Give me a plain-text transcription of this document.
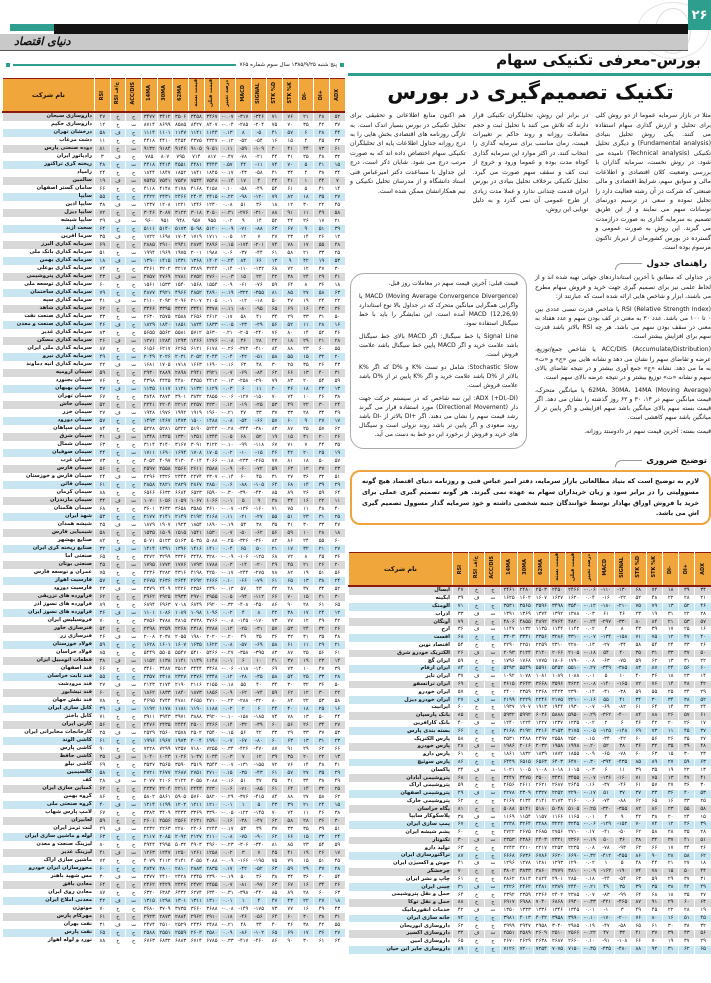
۲۶
دنیای اقتصاد
بورس-معرفی تکنیکی سهام
پنج شنبه ۱۳۸۵/۹/۲۵ سال سوم شماره ۷۶۵
تکنیک تصمیم‌گیری در بورس
مثلا در بازار سرمایه عموما از دو روش کلی برای تحلیل و ارزش گذاری سهام استفاده می کنند. یکی روش تحلیل بنیادی (Fundamental analysis) و دیگری تحلیل تکنیکی (Technical analysis) نامیده می شود. در روش نخست، سرمایه گذاران با بررسی وضعیت کلان اقتصادی و اطلاعات مالی و سوابق سهم، شرایط اقتصادی و مالی صنعتی که شرکت در آن رشته فعالیت دارد را تحلیل نموده و سعی در ترسیم دورنمای نوسانات سهم می نمایند و از این طریق تصمیم به سرمایه گذاری به صورت درازمدت می گیرند. این روش به صورت عمومی و گسترده در بورس کشورمان از دیرباز تاکنون مرسوم بوده است.
در برابر این روش، تحلیلگران تکنیکی قرار دارند که تلاش می کنند با تحلیل ثبت و حجم معاملات روزانه و روند حاکم بر تغییرات قیمت، زمان مناسب برای سرمایه گذاری را انتخاب کنند. در اکثر موارد این سرمایه گذاری کوتاه مدت بوده و عموما ورود و خروج از ثبت کف و سقف سهم صورت می گیرد. تحلیل تکنیکی برخلاف تحلیل بنیادی در بورس ایران قدمت چندانی ندارد و عملا مدت زیادی از طرح عمومی آن نمی گذرد و به دلیل نوپایی این روش،
هم اکنون منابع اطلاعاتی و تحقیقی برای تحلیل تکنیکی در بورس بسیار اندک است. به تازگی روزنامه های اقتصادی بخش هایی را به درج روزانه جداول اطلاعات پایه ای تحلیلگران تکنیکی سهام اختصاص داده اند که به صورت مرتب درج می شود. شایان ذکر است، درج این جداول با مساعدت دکتر امیرعباس فنی استاد دانشگاه و از مدرسان تحلیل تکنیکی و تیم همکارانشان ممکن شده است.
راهنمای جدول

در جداولی که مطابق با آخرین استانداردهای جهانی تهیه شده اند و از لحاظ علمی نیز برای تصمیم گیری جهت خرید و فروش سهام مطرح می باشند، ابزار و شاخص هایی ارائه شده است که عبارتند از:

RSI (Relative Strength Index) یا شاخص قدرت نسبی عددی بین ۰ تا ۱۰۰ می باشد. عدد ۳۰ به معنی در کف بودن سهم و عدد هفتاد به معنی در سقف بودن سهم می باشد. هر چه RSI بالاتر باشد قدرت سهم برای افزایش بیشتر است.

ACC/DIS (Accumulate/Distribution) یا شاخص جمع/توزیع، عرضه و تقاضای سهم را نشان می دهد و نشانه هایی بین «ج» و «ت» به ما می دهد. نشانه «ج» جمع آوری بیشتر و در نتیجه تقاضای بالای سهم و نشانه «ت» توزیع بیشتر و در نتیجه عرضه بالای سهم است.

62MA، 30MA، 14MA (Moving Average) یا میانگین متحرک، قیمت میانگین سهم در ۱۴، ۳۰ و ۶۲ روز گذشته را نشان می دهد. اگر قیمت بسته سهم بالای میانگین باشد سهم افزایشی و اگر پایین تر از میانگین باشد سهم کاهشی است.

قیمت بسته: آخرین قیمت سهم در دادوستد روزانه.

قیمت قبلی: آخرین قیمت سهم در معاملات روز قبل.

MACD (Moving Average Convergence Divergence) یا واگرایی همگرایی میانگین متحرک که در جداول بالا نوع استاندارد (12,26,9) MACD آمده است. این نمایشگر را باید با خط سیگنال استفاده نمود.

Signal Line یا خط سیگنال: اگر MACD بالای خط سیگنال باشد علامت خرید و اگر MACD پایین خط سیگنال باشد علامت فروش است.

Stochastic Slow: شامل دو تست %K و %D که اگر %K بالاتر از %D باشد علامت خرید و اگر %K پایین تر از %D باشد علامت فروش است.

ADX (+DI,-DI): این سه شاخص که در سیستم حرکت جهت دار (Directional Movement) مورد استفاده قرار می گیرند رشد قیمت سهم را نشان می دهند. اگر +DI بالاتر از -DI باشد روند صعودی و اگر پایین تر باشد روند نزولی است و سیگنال های خرید و فروش از برخورد این دو خط به دست می آید.

توضیح ضروری
لازم به توضیح است که بنیاد مطالعاتی بازار سرمایه، دفتر امیر عباس فنی و روزنامه دنیای اقتصاد هیچ گونه مسوولیتی را در برابر سود و زیان خریداران سهام به عهده نمی گیرند. هر گونه تصمیم گیری عملی برای خرید یا فروش اوراق بهادار توسط خوانندگان جنبه شخصی داشته و خود سرمایه گذار مسوول تصمیم گیری اش می باشد.
ADX	+DI	-DI	STK %K	STK %D	SIGNAL	MACD	درصد تغییر	قیمت قبلی	قیمت بسته	62MA	30MA	14MA	ACC/DIS	خ/ف RSI	RSI	نام شرکت
۵۲	۴۸	۲۱	۷۶	۷۱	-۳۴۶	-۳۱۷	-۰.۰۷	۳۴۶۷	۳۴۵۸	۳۵۰۶	۳۴۱۲	۳۴۷۷	ج	خ	۴۷	داروسازی سبحان
۳۷	۴۲	۳۵	۷۰	۷۵	-۲۰۴	-۲۸۵	-۰.۰۴	۸۴۰۷	۸۴۲۷	۸۵۸۵	۸۶۹۹	۸۷۱۴	ت	خ	۱۲	داروسازی حکیم
۴۴	۲۸	۶	۵۷	۴۱	-۵	۸	۰.۱۳	۱۱۴۴	۱۱۴۱	۱۱۴۷	۱۱۰۱	۱۱۱۴	ج	ف	۵۸	درخشان تهران
۳۳	۴۵	۴	۱۵	۱۶	-۵۴	-۵۲	-۰.۱۲	۴۳۴۷	۴۳۷۵	۴۴۵۴	۴۴۱۰	۴۴۱۸	ج	خ	۱۱	دشت مرغاب
۶۱	۷۳	۴۴	۴۱	۴۰	-۱۰۹	-۵۹	۰.۱۱	۹۰۵۱	۹۱۰۵	۹۱۴۶	۹۱۸۴	۹۱۳۲	ت	خ	۸۱	دوده صنعتی پارس
۳۲	۴۸	۲۵	۳۱	۴۴	-۲۱	-۷۸	-۰.۴۷	۸۱۷	۷۱۴	۷۹۵	۸۰۷	۷۸۵	ج	ف	۳	رادیاتور ایران
۱۵	۴۱	۵	۷۰	۷۴	-۱۱	۴۴	۰.۵۷	۴۴۴۴	۴۴۸۱	۴۵۵۱	۴۴۱۴	۴۴۱۸	ت	خ	۴۸	ریخته گری تراکتور
۳۴	۳۸	۴	۳۴	۴۱	-۵۸	-۴۳	-۰.۱۷	۱۸۴۵	۱۸۴۱	۱۸۵۲	۱۸۴۷	۱۸۴۴	ج	خ	۲۴	زامیاد
۷	۴۴	۱	۴۱	۴۴	۴	۱۷	-۰.۱۴	۷۵۴۸	۷۵۴۴	۷۵۴۷	۷۵۴۱	۷۵۴۵	ت	ف	۱۹	سالمین
۱۴	۴۱	۵	۶۱	۵۴	-۴۹	-۵۸	۰.۱۰	۴۱۵۸	۴۱۶۸	۴۱۷۸	۴۱۴۸	۴۱۱۸	ج	خ	۶۶	سامان گستر اصفهان
۲۷	۳۵	۱۸	۸۲	۷۹	-۱۲۰	-۹۸	-۰.۲۲	۲۴۱۵	۲۴۰۳	۲۴۶۶	۲۴۳۱	۲۴۲۲	ج	خ	۵۵	سایپا
۴۵	۲۲	۳۰	۱۲	۱۸	۳۶	۵۱	۰.۰۸	۱۲۳۰	۱۲۴۶	۱۲۲۱	۱۲۰۸	۱۲۳۷	ت	ف	۳۸	سایپا آذین
۵۸	۴۹	۱۱	۹۱	۸۸	-۳۱۰	-۲۷۶	-۰.۳۱	۳۰۵۰	۳۰۱۸	۳۱۲۲	۳۰۸۷	۳۰۴۶	ج	خ	۷۲	سایپا دیزل
۲۱	۱۷	۲۶	۴۴	۵۲	۱۴	۹	۰.۰۲	۹۵۵	۹۵۷	۹۴۸	۹۵۱	۹۶۰	ت	ف	۲۹	سایپا شیشه
۳۹	۵۱	۹	۶۷	۶۳	-۸۸	-۷۱	-۰.۰۹	۵۱۲۰	۵۰۹۸	۵۱۷۳	۵۱۴۰	۵۱۱۱	ج	خ	۶۴	سخت آژند
۱۲	۲۶	۱۴	۲۳	۲۷	۷	۱۲	۰.۰۵	۱۷۱۱	۱۷۱۹	۱۷۰۴	۱۶۹۸	۱۷۲۲	ج	ف	۳۵	سرما آفرین
۴۸	۵۵	۱۷	۷۸	۷۴	-۲۰۱	-۱۷۴	-۰.۱۵	۲۸۹۶	۲۸۷۴	۲۹۴۱	۲۹۱۰	۲۸۸۵	ج	خ	۶۹	سرمایه گذاری البرز
۲۵	۳۳	۲۱	۵۸	۶۱	-۴۴	-۳۷	۰.۰۶	۱۹۸۸	۲۰۰۱	۱۹۷۵	۱۹۶۹	۱۹۹۴	ت	خ	۵۱	سرمایه گذاری بانک ملی
۵۳	۱۹	۴۲	۹	۱۳	۶۶	۸۴	-۰.۲۴	۱۴۰۲	۱۳۶۸	۱۴۳۱	۱۴۱۵	۱۳۹۰	ت	ف	۱۸	سرمایه گذاری بهمن
۳۰	۴۷	۱۲	۷۲	۶۸	-۱۳۲	-۱۱۰	۰.۱۴	۳۲۴۴	۳۲۸۹	۳۲۱۷	۳۲۰۲	۳۲۶۱	ج	خ	۷۴	سرمایه گذاری بوعلی
۴۱	۲۹	۲۴	۳۸	۴۲	۲۲	۱۵	-۰.۰۳	۲۷۶۰	۲۷۵۲	۲۷۸۱	۲۷۶۹	۲۷۵۷	ت	ف	۴۳	سرمایه گذاری پتروشیمی
۱۸	۳۶	۸	۶۴	۵۹	-۷۶	-۶۱	۰.۰۹	۱۵۵۴	۱۵۶۸	۱۵۴۰	۱۵۳۳	۱۵۶۱	ج	خ	۶۰	سرمایه گذاری توسعه ملی
۶۳	۵۸	۲۷	۸۵	۸۱	-۳۵۵	-۳۲۲	-۰.۱۹	۴۸۹۰	۴۸۵۲	۴۹۶۶	۴۹۲۱	۴۸۷۷	ج	خ	۷۹	سرمایه گذاری ساختمان
۲۲	۲۴	۱۹	۴۷	۵۰	-۱۸	-۱۲	۰.۰۱	۲۱۰۵	۲۱۰۷	۲۰۹۶	۲۰۹۲	۲۱۱۰	ت	ف	۴۱	سرمایه گذاری سپه
۳۶	۴۳	۱۶	۶۹	۶۵	-۹۵	-۸۰	-۰.۱۱	۳۳۷۸	۳۳۴۱	۳۴۲۲	۳۳۹۵	۳۳۶۶	ج	خ	۶۲	سرمایه گذاری شاهد
۵۰	۳۱	۳۳	۲۹	۳۴	۴۱	۵۸	۰.۱۷	۲۶۱۲	۲۶۵۶	۲۵۸۸	۲۵۷۵	۲۶۳۰	ت	خ	۳۳	سرمایه گذاری صنعت نفت
۱۶	۲۸	۱۱	۵۲	۵۶	-۲۹	-۲۳	-۰.۰۵	۱۸۳۳	۱۸۲۴	۱۸۵۱	۱۸۴۰	۱۸۲۹	ج	ف	۴۶	سرمایه گذاری صنعت و معدن
۴۶	۵۲	۱۴	۸۰	۷۶	-۲۴۰	-۲۰۵	۰.۲۱	۵۶۳۰	۵۷۱۲	۵۵۸۱	۵۵۶۲	۵۶۵۵	ج	خ	۸۳	سرمایه گذاری غدیر
۲۸	۲۱	۲۹	۱۸	۲۲	۲۸	۳۶	-۰.۰۸	۱۲۷۶	۱۲۶۶	۱۲۹۳	۱۲۸۴	۱۲۷۱	ت	ف	۲۶	سرمایه گذاری مسکن
۵۵	۶۰	۲۳	۸۸	۸۴	-۴۱۰	-۳۷۲	-۰.۲۶	۶۱۷۸	۶۱۲۱	۶۲۶۵	۶۲۱۷	۶۱۵۶	ج	خ	۸۷	سرمایه گذاری ملی ایران
۲۰	۳۲	۱۵	۵۵	۵۸	-۵۱	-۴۲	۰.۰۴	۲۰۴۴	۲۰۵۲	۲۰۳۱	۲۰۲۶	۲۰۴۹	ت	خ	۴۹	سرمایه گذاری نیرو
۴۳	۲۶	۳۵	۲۵	۳۰	۴۸	۶۳	-۰.۱۶	۱۶۹۰	۱۶۶۳	۱۷۱۸	۱۷۰۵	۱۶۸۱	ت	ف	۲۲	سرمایه گذاری آتیه دماوند
۳۱	۴۰	۱۳	۶۶	۶۲	-۸۴	-۶۹	۰.۰۷	۲۹۲۱	۲۹۴۱	۲۸۹۸	۲۸۸۹	۲۹۳۰	ج	خ	۵۹	سیمان ارومیه
۵۹	۵۴	۲۰	۸۳	۷۹	-۲۹۰	-۲۵۸	-۰.۱۳	۴۴۱۲	۴۳۵۵	۴۴۸۰	۴۴۴۵	۴۳۹۸	ج	خ	۷۶	سیمان بجنورد
۱۳	۲۳	۱۸	۳۶	۴۰	۱۱	۶	۰.۰۳	۱۱۲۹	۱۱۳۲	۱۱۲۱	۱۱۱۷	۱۱۳۵	ت	ف	۳۷	سیمان بهبهان
۳۸	۴۶	۱۰	۷۴	۷۰	-۱۵۰	-۱۲۷	-۰.۰۶	۳۸۵۵	۳۸۳۲	۳۹۰۱	۳۸۷۴	۳۸۴۸	ج	خ	۶۷	سیمان تهران
۲۴	۳۰	۲۲	۴۹	۵۳	-۲۵	-۱۹	۰.۱۲	۲۲۳۰	۲۲۵۷	۲۲۱۲	۲۲۰۴	۲۲۴۱	ج	خ	۵۲	سیمان خاش
۴۹	۳۴	۲۸	۳۳	۳۷	۳۳	۴۷	-۰.۲۱	۱۹۶۰	۱۹۱۹	۱۹۹۲	۱۹۷۶	۱۹۴۸	ت	ف	۲۷	سیمان خزر
۱۷	۲۷	۹	۶۰	۵۷	-۶۶	-۵۴	۰.۰۸	۱۴۸۸	۱۵۰۰	۱۴۷۳	۱۴۶۷	۱۴۹۳	ج	خ	۵۷	سیمان دورود
۶۲	۵۷	۲۵	۸۷	۸۳	-۳۸۰	-۳۴۴	-۰.۲۸	۵۲۴۴	۵۱۹۰	۵۳۲۲	۵۲۸۱	۵۲۲۸	ج	خ	۸۴	سیمان سپاهان
۲۶	۲۰	۳۱	۱۵	۱۹	۵۲	۶۸	۰.۰۵	۱۳۴۴	۱۳۵۱	۱۳۳۰	۱۳۲۵	۱۳۴۸	ت	ف	۳۱	سیمان شرق
۳۵	۴۴	۷	۷۱	۶۷	-۱۱۸	-۹۹	-۰.۱۰	۳۱۲۲	۳۰۹۱	۳۱۶۷	۳۱۴۰	۳۱۱۴	ج	خ	۶۳	سیمان شمال
۱۹	۲۵	۲۰	۴۲	۴۶	-۱۵	-۱۰	۰.۰۲	۱۷۰۵	۱۷۰۸	۱۶۹۴	۱۶۹۰	۱۷۱۱	ت	خ	۴۴	سیمان صوفیان
۵۷	۵۰	۱۸	۸۱	۷۷	-۲۶۵	-۲۳۳	-۰.۱۸	۴۰۶۶	۴۰۱۴	۴۱۳۰	۴۰۹۷	۴۰۵۲	ج	خ	۷۳	سیمان غرب
۲۳	۳۷	۱۲	۶۳	۵۹	-۷۲	-۶۰	۰.۰۹	۲۵۸۸	۲۶۱۱	۲۵۶۶	۲۵۵۸	۲۵۹۷	ج	خ	۵۶	سیمان فارس
۵۱	۳۲	۳۶	۲۷	۳۱	۴۵	۶۰	-۰.۱۴	۲۳۰۷	۲۲۷۴	۲۳۴۳	۲۳۲۶	۲۲۹۶	ت	ف	۲۴	سیمان فارس و خوزستان
۲۹	۳۹	۱۴	۶۸	۶۴	-۱۰۵	-۸۸	۰.۰۶	۲۸۵۰	۲۸۶۷	۲۸۲۹	۲۸۲۱	۲۸۵۸	ج	خ	۶۱	سیمان قائن
۶۴	۵۹	۲۶	۸۹	۸۵	-۴۳۰	-۳۹۰	-۰.۳۰	۶۵۹۰	۶۵۲۳	۶۶۸۴	۶۶۳۲	۶۵۶۶	ج	خ	۸۸	سیمان کرمان
۱۱	۲۲	۱۶	۳۴	۳۸	۹	۵	۰.۰۱	۱۰۶۶	۱۰۶۷	۱۰۵۹	۱۰۵۶	۱۰۷۰	ت	ف	۳۴	سیمان مازندران
۴۰	۴۸	۱۱	۷۵	۷۱	-۱۶۰	-۱۳۶	-۰.۰۷	۳۶۱۰	۳۵۸۵	۳۶۵۸	۳۶۳۲	۳۶۰۱	ج	خ	۶۸	سیمان هگمتان
۲۵	۳۱	۲۳	۵۱	۵۵	-۲۷	-۲۱	۰.۱۱	۲۱۶۸	۲۱۹۲	۲۱۴۹	۲۱۴۱	۲۱۷۷	ج	خ	۵۳	شهد ایران
۴۷	۳۳	۳۰	۳۱	۳۵	۳۸	۵۳	-۰.۱۹	۱۸۹۰	۱۸۵۴	۱۹۲۳	۱۹۰۷	۱۸۷۹	ت	ف	۲۵	شیشه همدان
۱۸	۲۸	۱۰	۵۹	۵۶	-۶۲	-۵۰	۰.۰۷	۱۵۳۰	۱۵۴۱	۱۵۱۵	۱۵۰۹	۱۵۳۵	ج	خ	۵۸	شیمیایی فارس
۶۰	۵۵	۲۴	۸۶	۸۲	-۳۶۰	-۳۲۶	-۰.۲۵	۵۰۸۸	۵۰۳۵	۵۱۶۳	۵۱۲۳	۵۰۷۱	ج	خ	۸۲	صنایع بهشهر
۲۷	۲۱	۳۲	۱۷	۲۱	۵۰	۶۵	۰.۰۴	۱۴۱۰	۱۴۱۶	۱۳۹۶	۱۳۹۱	۱۴۱۴	ت	ف	۳۲	صنایع ریخته گری ایران
۳۶	۴۵	۸	۷۲	۶۸	-۱۲۵	-۱۰۶	-۰.۰۹	۳۲۸۰	۳۲۴۸	۳۳۲۶	۳۲۹۹	۳۲۷۲	ج	خ	۶۵	صنعتی آما
۲۰	۲۶	۲۱	۴۵	۴۹	-۲۰	-۱۴	۰.۰۳	۱۷۸۸	۱۷۹۳	۱۷۷۶	۱۷۷۲	۱۷۹۵	ت	خ	۴۵	صنعتی بوتان
۵۶	۵۱	۱۹	۸۲	۷۸	-۲۷۵	-۲۴۴	-۰.۱۷	۴۲۵۰	۴۱۹۸	۴۳۱۶	۴۲۸۲	۴۲۳۶	ج	خ	۷۵	عمران و توسعه فارس
۲۴	۳۸	۱۳	۶۵	۶۱	-۷۹	-۶۶	۰.۱۰	۲۶۶۶	۲۶۹۲	۲۶۴۴	۲۶۳۶	۲۶۷۵	ج	خ	۵۷	فارسیت اهواز
۵۲	۳۴	۳۷	۲۸	۳۲	۴۳	۵۷	-۰.۱۳	۲۳۹۰	۲۳۵۶	۲۴۲۶	۲۴۰۹	۲۳۷۹	ت	ف	۲۳	فارسیت دورود
۳۰	۴۱	۱۵	۷۰	۶۶	-۱۱۲	-۹۴	۰.۰۵	۲۹۵۵	۲۹۷۰	۲۹۳۳	۲۹۲۵	۲۹۶۲	ج	خ	۶۲	فرآورده های تزریقی
۶۵	۶۱	۲۸	۹۰	۸۶	-۴۵۰	-۴۰۸	-۰.۳۲	۶۹۲۰	۶۸۴۹	۷۰۱۸	۶۹۶۳	۶۸۹۴	ج	خ	۸۹	فرآورده های نسوز آذر
۱۲	۲۴	۱۷	۳۸	۴۲	۸	۴	۰.۰۲	۱۰۹۶	۱۰۹۸	۱۰۸۹	۱۰۸۶	۱۱۰۱	ت	ف	۳۶	فرآورده های نسوز ایران
۴۲	۴۹	۱۲	۷۷	۷۳	-۱۷۰	-۱۴۵	-۰.۰۸	۳۷۶۶	۳۷۳۸	۳۸۱۵	۳۷۸۸	۳۷۵۶	ج	خ	۷۰	فروسیلیس ایران
۲۶	۳۲	۲۴	۵۳	۵۷	-۳۱	-۲۵	۰.۱۳	۲۲۸۸	۲۳۱۸	۲۲۶۸	۲۲۵۹	۲۲۹۸	ج	خ	۵۴	فنرسازی خاور
۴۸	۳۵	۳۱	۳۲	۳۶	۳۵	۴۹	-۰.۲۰	۲۰۲۰	۱۹۸۰	۲۰۵۵	۲۰۳۸	۲۰۰۸	ت	ف	۲۶	فنرسازی زر
۲۱	۲۹	۱۱	۶۱	۵۸	-۶۹	-۵۷	۰.۰۸	۱۶۲۲	۱۶۳۵	۱۶۰۷	۱۶۰۱	۱۶۲۸	ج	خ	۵۹	فولاد خوزستان
۶۱	۵۶	۲۵	۸۷	۸۳	-۳۹۵	-۳۵۸	-۰.۲۷	۵۴۶۶	۵۴۱۰	۵۵۴۷	۵۵۰۵	۵۴۴۹	ج	خ	۸۵	فولاد خراسان
۱۴	۲۳	۱۹	۳۷	۴۱	۱۰	۶	۰.۰۱	۱۱۴۸	۱۱۴۹	۱۱۴۱	۱۱۳۸	۱۱۵۲	ت	ف	۳۸	قطعات اتومبیل ایران
۳۹	۴۷	۱۰	۷۳	۶۹	-۱۴۰	-۱۱۸	-۰.۰۶	۳۴۶۸	۳۴۴۴	۳۵۱۲	۳۴۸۷	۳۴۶۰	ج	خ	۶۶	قند اصفهان
۲۸	۳۳	۲۵	۵۴	۵۸	-۳۵	-۲۸	۰.۱۲	۲۳۴۸	۲۳۷۶	۲۳۲۷	۲۳۱۸	۲۳۵۷	ج	خ	۵۵	قند ثابت خراسان
۵۰	۳۶	۳۲	۳۰	۳۴	۴۰	۵۵	-۰.۱۸	۲۱۵۵	۲۱۱۶	۲۱۹۰	۲۱۷۴	۲۱۴۳	ت	ف	۲۷	قند مرودشت
۲۲	۳۰	۱۲	۶۲	۵۹	-۷۴	-۶۲	۰.۰۹	۱۸۵۶	۱۸۷۳	۱۸۴۰	۱۸۳۳	۱۸۶۲	ج	خ	۶۰	قند نیشابور
۵۸	۵۳	۲۲	۸۴	۸۰	-۳۲۰	-۲۸۸	-۰.۲۲	۴۷۱۰	۴۶۵۵	۴۷۸۱	۴۷۴۴	۴۶۹۵	ج	خ	۷۸	قند نقش جهان
۱۶	۲۵	۱۸	۴۰	۴۴	۶	۲	۰.۰۲	۱۱۸۸	۱۱۹۰	۱۱۸۱	۱۱۷۸	۱۱۹۲	ت	ف	۳۹	کابل سازی ایران
۴۴	۵۰	۱۳	۷۸	۷۴	-۱۸۵	-۱۵۸	-۰.۱۰	۳۹۲۰	۳۸۸۸	۳۹۷۱	۳۹۴۳	۳۹۱۱	ج	خ	۷۱	کابل باختر
۲۷	۳۴	۲۶	۵۶	۶۰	-۳۹	-۳۲	۰.۱۴	۲۴۶۶	۲۵۰۰	۲۴۴۴	۲۴۳۵	۲۴۷۶	ج	خ	۵۶	کارتن ایران
۵۳	۳۷	۳۳	۲۹	۳۳	۴۲	۵۶	-۰.۱۵	۲۵۴۰	۲۵۰۲	۲۵۷۸	۲۵۶۰	۲۵۲۹	ت	ف	۲۵	کارخانجات مخابراتی ایران
۲۳	۳۱	۱۳	۶۳	۶۰	-۸۰	-۶۷	۰.۰۷	۱۹۹۰	۲۰۰۴	۱۹۷۳	۱۹۶۷	۱۹۹۶	ج	خ	۶۱	کاشی الوند
۶۶	۶۲	۲۹	۹۱	۸۷	-۴۷۰	-۴۲۶	-۰.۳۴	۷۲۵۵	۷۱۸۰	۷۳۵۷	۷۲۹۹	۷۲۲۸	ج	خ	۹۰	کاشی پارس
۱۳	۲۲	۲۰	۳۵	۳۹	۱۲	۷	۰.۰۳	۱۰۳۴	۱۰۳۷	۱۰۲۶	۱۰۲۳	۱۰۴۰	ت	ف	۳۵	کاشی حافظ
۴۱	۴۸	۱۴	۷۶	۷۲	-۱۵۵	-۱۳۱	-۰.۰۷	۳۵۴۴	۳۵۱۹	۳۵۹۰	۳۵۶۵	۳۵۳۷	ج	خ	۶۹	کاشی نیلو
۲۹	۳۵	۲۷	۵۷	۶۱	-۴۳	-۳۵	۰.۱۵	۲۷۱۰	۲۷۵۱	۲۶۸۷	۲۶۷۷	۲۷۲۱	ج	خ	۵۸	کالسیمین
۴۹	۳۸	۳۴	۳۱	۳۵	۳۷	۵۱	-۰.۱۶	۲۰۸۸	۲۰۵۵	۲۱۲۲	۲۱۰۶	۲۰۷۷	ت	ف	۲۸	کف
۲۵	۳۲	۱۴	۶۴	۶۱	-۸۵	-۷۱	۰.۰۶	۲۲۳۰	۲۲۴۳	۲۲۱۱	۲۲۰۴	۲۲۳۷	ج	خ	۶۲	کمباین سازی ایران
۶۲	۵۸	۲۷	۸۸	۸۴	-۴۱۵	-۳۷۶	-۰.۲۹	۵۸۲۰	۵۷۶۰	۵۹۰۵	۵۸۶۱	۵۸۰۲	ج	خ	۸۶	گروه بهمن
۱۵	۲۴	۲۱	۳۹	۴۳	۵	۱	۰.۰۱	۱۲۱۰	۱۲۱۱	۱۲۰۲	۱۱۹۹	۱۲۱۴	ت	ف	۴۰	گروه صنعتی ملی
۳۸	۴۶	۱۱	۷۴	۷۰	-۱۴۵	-۱۲۲	-۰.۰۵	۳۳۹۰	۳۳۶۹	۳۴۳۳	۳۴۰۹	۳۳۸۳	ج	خ	۶۷	لامپ پارس شهاب
۳۰	۳۶	۲۸	۵۸	۶۲	-۴۷	-۳۸	۰.۱۶	۲۵۹۰	۲۶۳۱	۲۵۶۶	۲۵۵۶	۲۶۰۱	ج	خ	۵۹	لعابیران
۵۱	۳۹	۳۵	۳۳	۳۷	۳۹	۵۳	-۰.۱۷	۲۲۴۴	۲۲۰۶	۲۲۸۰	۲۲۶۳	۲۲۳۲	ت	ف	۲۹	لنت ترمز ایران
۲۴	۳۳	۱۵	۶۶	۶۲	-۹۰	-۷۵	۰.۰۸	۲۱۱۰	۲۱۲۷	۲۰۹۲	۲۰۸۵	۲۱۱۷	ج	خ	۶۳	لوله و ماشین سازی ایران
۵۹	۵۴	۲۳	۸۵	۸۱	-۳۴۰	-۳۰۶	-۰.۲۳	۴۹۶۰	۴۹۰۳	۵۰۳۲	۴۹۹۵	۴۹۴۴	ج	خ	۸۰	لیزینگ صنعت و معدن
۱۷	۲۶	۱۹	۴۱	۴۵	۷	۳	۰.۰۲	۱۲۵۸	۱۲۶۱	۱۲۵۰	۱۲۴۷	۱۲۶۳	ت	ف	۴۱	لیزینگ غدیر
۴۵	۵۱	۱۵	۷۹	۷۵	-۱۹۵	-۱۶۶	-۰.۰۹	۴۰۸۸	۴۰۵۵	۴۱۴۱	۴۱۱۲	۴۰۷۹	ج	خ	۷۲	ماشین سازی اراک
۲۸	۳۷	۲۹	۵۹	۶۳	-۵۲	-۴۲	۰.۱۷	۲۸۳۵	۲۸۸۳	۲۸۱۰	۲۸۰۰	۲۸۴۷	ج	خ	۶۰	محورسازان ایران خودرو
۵۴	۴۰	۳۶	۳۴	۳۸	۳۶	۵۰	-۰.۱۹	۲۳۹۰	۲۳۴۵	۲۴۲۸	۲۴۱۰	۲۳۷۷	ت	ف	۳۰	مس شهید باهنر
۲۶	۳۴	۱۶	۶۷	۶۳	-۹۷	-۸۱	۰.۰۷	۲۴۵۵	۲۴۷۲	۲۴۳۶	۲۴۲۹	۲۴۶۲	ج	خ	۶۴	معادن بافق
۶۳	۶۰	۲۸	۸۹	۸۵	-۴۴۰	-۳۹۸	-۰.۳۱	۶۳۴۰	۶۲۷۴	۶۴۳۲	۶۳۸۴	۶۳۲۰	ج	خ	۸۷	معادن روی ایران
۱۸	۲۷	۲۲	۴۳	۴۷	۴	۱	۰.۰۱	۱۳۱۰	۱۳۱۱	۱۳۰۱	۱۲۹۸	۱۳۱۵	ت	ف	۴۲	معدنی املاح ایران
۴۳	۴۹	۱۶	۷۷	۷۳	-۱۷۵	-۱۴۹	-۰.۰۸	۳۶۸۸	۳۶۶۰	۳۷۳۵	۳۷۰۹	۳۶۸۰	ج	خ	۷۰	موتوژن
۳۱	۳۸	۳۰	۶۰	۶۴	-۵۶	-۴۶	۰.۱۸	۲۹۱۰	۲۹۶۲	۲۸۸۴	۲۸۷۳	۲۹۲۳	ج	خ	۶۱	مهرکام پارس
۵۵	۴۲	۳۸	۳۶	۴۰	۳۴	۴۸	-۰.۲۱	۲۴۸۸	۲۴۳۶	۲۵۲۹	۲۵۱۰	۲۴۷۴	ت	ف	۳۱	نفت بهران
۲۷	۳۶	۱۷	۶۹	۶۵	-۱۰۲	-۸۶	۰.۰۹	۲۵۸۰	۲۶۰۳	۲۵۵۹	۲۵۵۱	۲۵۸۸	ج	خ	۶۵	نفت پارس
۶۴	۶۱	۳۰	۹۰	۸۶	-۴۶۰	-۴۱۷	-۰.۳۳	۶۷۸۵	۶۷۱۴	۶۸۸۳	۶۸۳۲	۶۷۶۳	ج	خ	۸۸	نورد و لوله اهواز
ADX	+DI	-DI	STK %K	STK %D	SIGNAL	MACD	درصد تغییر	قیمت قبلی	قیمت بسته	62MA	30MA	14MA	ACC/DIS	خ/ف RSI	RSI	نام شرکت
۳۴	۳۹	۱۸	۷۲	۶۸	-۱۳۰	-۱۱۰	-۰.۰۶	۲۴۶۶	۲۴۵۰	۲۵۰۳	۲۴۸۰	۲۴۶۱	ج	خ	۴۷	آبسال
۲۱	۲۸	۲۲	۴۸	۵۲	-۲۲	-۱۶	۰.۰۴	۱۶۲۰	۱۶۲۷	۱۶۰۷	۱۶۰۲	۱۶۲۵	ت	ف	۳۹	آبگینه
۴۶	۵۲	۱۳	۷۹	۷۵	-۲۱۰	-۱۸۰	-۰.۱۲	۳۵۴۰	۳۴۹۸	۳۵۹۶	۳۵۶۵	۳۵۳۱	ج	خ	۷۱	آلومتک
۲۸	۲۲	۳۱	۱۹	۲۳	۴۶	۶۱	۰.۰۳	۱۳۸۸	۱۳۹۲	۱۳۷۴	۱۳۶۹	۱۳۹۱	ت	ف	۳۳	آذرآب
۵۷	۵۳	۲۱	۸۴	۸۰	-۳۳۰	-۲۹۷	-۰.۲۴	۴۸۲۰	۴۷۶۴	۴۸۹۲	۴۸۵۵	۴۸۰۶	ج	خ	۷۹	آونگان
۱۶	۲۵	۱۷	۳۹	۴۳	۸	۴	۰.۰۲	۱۱۴۲	۱۱۴۴	۱۱۳۵	۱۱۳۲	۱۱۴۷	ت	ف	۳۶	ارج
۴۰	۴۷	۱۲	۷۵	۷۱	-۱۵۸	-۱۳۴	-۰.۰۷	۳۳۱۰	۳۲۸۶	۳۳۵۶	۳۳۳۱	۳۳۰۳	ج	خ	۶۸	افست
۲۶	۳۳	۲۴	۵۴	۵۸	-۳۴	-۲۷	۰.۱۳	۲۲۸۰	۲۳۱۰	۲۲۵۹	۲۲۵۱	۲۲۹۰	ج	خ	۵۴	اقتصاد نوین
۵۰	۳۷	۳۳	۳۱	۳۵	۴۰	۵۴	-۰.۱۸	۲۱۰۵	۲۰۶۶	۲۱۴۰	۲۱۲۴	۲۰۹۳	ت	ف	۲۶	الکتریک خودرو شرق
۲۲	۳۱	۱۳	۶۲	۵۹	-۷۵	-۶۳	۰.۰۸	۱۷۹۰	۱۸۰۶	۱۷۷۵	۱۷۶۸	۱۷۹۶	ج	خ	۵۹	ایران گچ
۶۰	۵۶	۲۴	۸۷	۸۳	-۳۸۵	-۳۴۹	-۰.۲۷	۵۵۱۰	۵۴۵۲	۵۵۹۱	۵۵۴۹	۵۴۹۳	ج	خ	۸۴	ایران ارقام
۱۴	۲۳	۱۸	۳۶	۴۰	۱۰	۵	۰.۰۱	۱۰۸۸	۱۰۸۹	۱۰۸۱	۱۰۷۸	۱۰۹۲	ت	ف	۳۷	ایران تایر
۴۲	۴۸	۱۴	۷۶	۷۲	-۱۶۵	-۱۴۰	-۰.۰۸	۳۶۲۲	۳۵۹۶	۳۶۶۸	۳۶۴۳	۳۶۱۵	ج	خ	۶۹	ایران ترانسفو
۲۹	۳۴	۲۵	۵۵	۵۹	-۳۸	-۳۱	۰.۱۴	۲۳۹۰	۲۴۲۳	۲۳۶۸	۲۳۵۹	۲۴۰۰	ج	خ	۵۷	ایران خودرو
۵۲	۳۸	۳۴	۳۰	۳۴	۴۱	۵۵	-۰.۱۶	۲۲۱۰	۲۱۷۵	۲۲۴۶	۲۲۲۹	۲۱۹۹	ت	ف	۲۷	ایران خودرو دیزل
۲۴	۳۲	۱۴	۶۴	۶۱	-۸۲	-۶۹	۰.۰۷	۱۹۳۰	۱۹۴۴	۱۹۱۳	۱۹۰۷	۱۹۳۷	ج	خ	۶۰	ایرانیت
۶۱	۵۷	۲۶	۸۸	۸۴	-۴۰۰	-۳۶۲	-۰.۲۹	۵۹۵۰	۵۸۸۸	۶۰۳۶	۵۹۹۲	۵۹۳۲	ج	خ	۸۵	بانک پارسیان
۱۷	۲۶	۲۰	۴۲	۴۶	۶	۲	۰.۰۲	۱۲۳۵	۱۲۳۷	۱۲۲۷	۱۲۲۴	۱۲۴۰	ت	ف	۴۰	بانک کارآفرین
۳۷	۴۵	۱۱	۷۳	۶۹	-۱۴۸	-۱۲۵	-۰.۰۵	۳۱۷۵	۳۱۵۳	۳۲۱۶	۳۱۹۲	۳۱۶۸	ج	خ	۶۶	بسته بندی پارس
۲۷	۳۵	۲۶	۵۶	۶۰	-۴۲	-۳۴	۰.۱۵	۲۵۲۰	۲۵۵۸	۲۴۹۷	۲۴۸۸	۲۵۳۱	ج	خ	۵۸	پارس الکتریک
۴۸	۳۹	۳۵	۳۲	۳۶	۳۸	۵۲	-۰.۲۰	۱۹۹۸	۱۹۵۸	۲۰۳۲	۲۰۱۶	۱۹۸۶	ت	ف	۲۸	پارس خودرو
۲۳	۳۰	۱۵	۶۳	۶۰	-۷۸	-۶۵	۰.۰۹	۱۸۵۵	۱۸۷۲	۱۸۳۹	۱۸۳۲	۱۸۶۱	ج	خ	۶۱	پارس دارو
۶۳	۵۹	۲۷	۸۹	۸۵	-۴۳۵	-۳۹۴	-۰.۳۰	۶۴۷۰	۶۴۰۳	۶۵۶۳	۶۵۱۵	۶۴۴۹	ج	خ	۸۶	پارس سوئیچ
۱۳	۲۲	۱۹	۳۵	۳۹	۱۱	۶	۰.۰۳	۱۰۱۵	۱۰۱۸	۱۰۰۸	۱۰۰۵	۱۰۲۱	ت	ف	۳۴	پاکسان
۴۱	۴۷	۱۳	۷۵	۷۱	-۱۶۰	-۱۳۶	-۰.۰۷	۳۴۵۵	۳۴۳۱	۳۵۰۰	۳۴۷۵	۳۴۴۷	ج	خ	۶۸	پتروشیمی آبادان
۳۰	۳۶	۲۷	۵۷	۶۱	-۴۶	-۳۷	۰.۱۶	۲۶۴۵	۲۶۸۷	۲۶۲۱	۲۶۱۱	۲۶۵۶	ج	خ	۵۹	پتروشیمی اراک
۵۳	۴۰	۳۶	۳۳	۳۷	۳۷	۵۱	-۰.۱۷	۲۲۹۰	۲۲۵۲	۲۳۲۷	۲۳۰۹	۲۲۷۸	ت	ف	۲۹	پتروشیمی اصفهان
۲۵	۳۳	۱۶	۶۵	۶۲	-۸۸	-۷۴	۰.۰۶	۲۱۶۰	۲۱۷۳	۲۱۴۱	۲۱۳۴	۲۱۶۷	ج	خ	۶۲	پتروشیمی خارک
۵۸	۵۵	۲۳	۸۶	۸۲	-۳۵۵	-۳۲۰	-۰.۲۵	۵۱۰۵	۵۰۴۸	۵۱۸۰	۵۱۴۱	۵۰۸۸	ج	خ	۸۱	پگاه خراسان
۱۵	۲۴	۲۰	۳۸	۴۲	۹	۴	۰.۰۱	۱۱۶۵	۱۱۶۶	۱۱۵۷	۱۱۵۴	۱۱۶۹	ت	ف	۳۸	پلاسکوکار سایپا
۳۹	۴۶	۱۲	۷۴	۷۰	-۱۵۲	-۱۲۹	-۰.۰۶	۳۲۴۵	۳۲۲۲	۳۲۸۸	۳۲۶۴	۳۲۳۸	ج	خ	۶۷	پمپ سازی ایران
۲۸	۳۵	۲۸	۵۸	۶۲	-۵۰	-۴۱	۰.۱۷	۲۷۱۰	۲۷۵۶	۲۶۸۵	۲۶۷۵	۲۷۲۲	ج	خ	۶۰	پشم شیشه ایران
۵۱	۴۱	۳۷	۳۴	۳۸	۳۶	۵۰	-۰.۱۹	۲۳۶۶	۲۳۲۱	۲۴۰۳	۲۳۸۶	۲۳۵۳	ت	ف	۳۰	تکنوتار
۲۶	۳۴	۱۷	۶۶	۶۳	-۹۳	-۷۸	۰.۰۸	۲۲۳۵	۲۲۵۳	۲۲۱۷	۲۲۱۰	۲۲۴۳	ج	خ	۶۳	تولید دارو
۶۲	۵۸	۲۸	۹۰	۸۶	-۴۵۵	-۴۱۲	-۰.۳۲	۶۶۹۰	۶۶۲۰	۶۷۸۶	۶۷۳۶	۶۶۶۸	ج	خ	۸۷	تراکتورسازی ایران
۱۸	۲۷	۲۱	۴۴	۴۸	۵	۱	۰.۰۲	۱۲۹۰	۱۲۹۳	۱۲۸۱	۱۲۷۸	۱۲۹۶	ت	ف	۴۱	جوش و اکسیژن ایران
۴۴	۵۰	۱۵	۷۸	۷۴	-۱۹۰	-۱۶۲	-۰.۰۹	۳۸۱۰	۳۷۷۹	۳۸۶۰	۳۸۳۳	۳۸۰۲	ج	خ	۷۰	چرخشگر
۳۱	۳۷	۲۹	۵۹	۶۳	-۵۴	-۴۴	۰.۱۸	۲۸۵۰	۲۹۰۱	۲۸۲۴	۲۸۱۳	۲۸۶۲	ج	خ	۶۱	چاپ و نشر ایران
۴۹	۴۲	۳۸	۳۵	۳۹	۳۵	۴۹	-۰.۲۱	۲۴۴۰	۲۳۸۹	۲۴۸۱	۲۴۶۲	۲۴۲۶	ت	ف	۳۱	چینی ایران
۲۷	۳۵	۱۸	۶۸	۶۴	-۹۹	-۸۳	۰.۰۷	۲۳۸۵	۲۴۰۲	۲۳۶۶	۲۳۵۹	۲۳۹۲	ج	خ	۶۴	حمل و نقل پتروشیمی
۶۴	۶۰	۲۹	۹۱	۸۷	-۴۶۵	-۴۲۱	-۰.۳۳	۶۹۴۰	۶۸۶۸	۷۰۴۰	۶۹۸۸	۶۹۱۷	ج	خ	۸۸	حمل و نقل توکا
۱۹	۲۸	۲۲	۴۵	۴۹	۳	-۱	۰.۰۱	۱۳۴۵	۱۳۴۶	۱۳۳۶	۱۳۳۳	۱۳۵۰	ت	ف	۴۲	خدمات انفورماتیک
۴۵	۵۱	۱۶	۸۰	۷۶	-۲۰۰	-۱۷۰	-۰.۱۰	۳۹۹۰	۳۹۵۸	۴۰۴۲	۴۰۱۳	۳۹۸۱	ج	خ	۷۲	خانه سازی ایران
۳۲	۳۸	۳۰	۶۱	۶۵	-۵۸	-۴۷	۰.۱۹	۲۹۸۵	۳۰۴۰	۲۹۵۸	۲۹۴۷	۲۹۹۹	ج	خ	۶۲	داروسازی ابوریحان
۵۶	۴۳	۳۹	۳۷	۴۱	۳۳	۴۷	-۰.۲۲	۲۵۶۶	۲۵۱۰	۲۶۰۹	۲۵۸۹	۲۵۵۱	ت	ف	۳۲	داروسازی اکسیر
۲۹	۳۷	۱۹	۷۰	۶۶	-۱۰۸	-۹۱	۰.۱۰	۲۶۶۰	۲۶۸۷	۲۶۳۸	۲۶۲۹	۲۶۷۰	ج	خ	۶۵	داروسازی امین
۶۵	۶۲	۳۱	۹۲	۸۸	-۴۸۰	-۴۳۵	-۰.۳۵	۷۱۵۰	۷۰۷۵	۷۲۵۴	۷۲۰۰	۷۱۲۶	ج	خ	۸۹	داروسازی جابر ابن حیان
